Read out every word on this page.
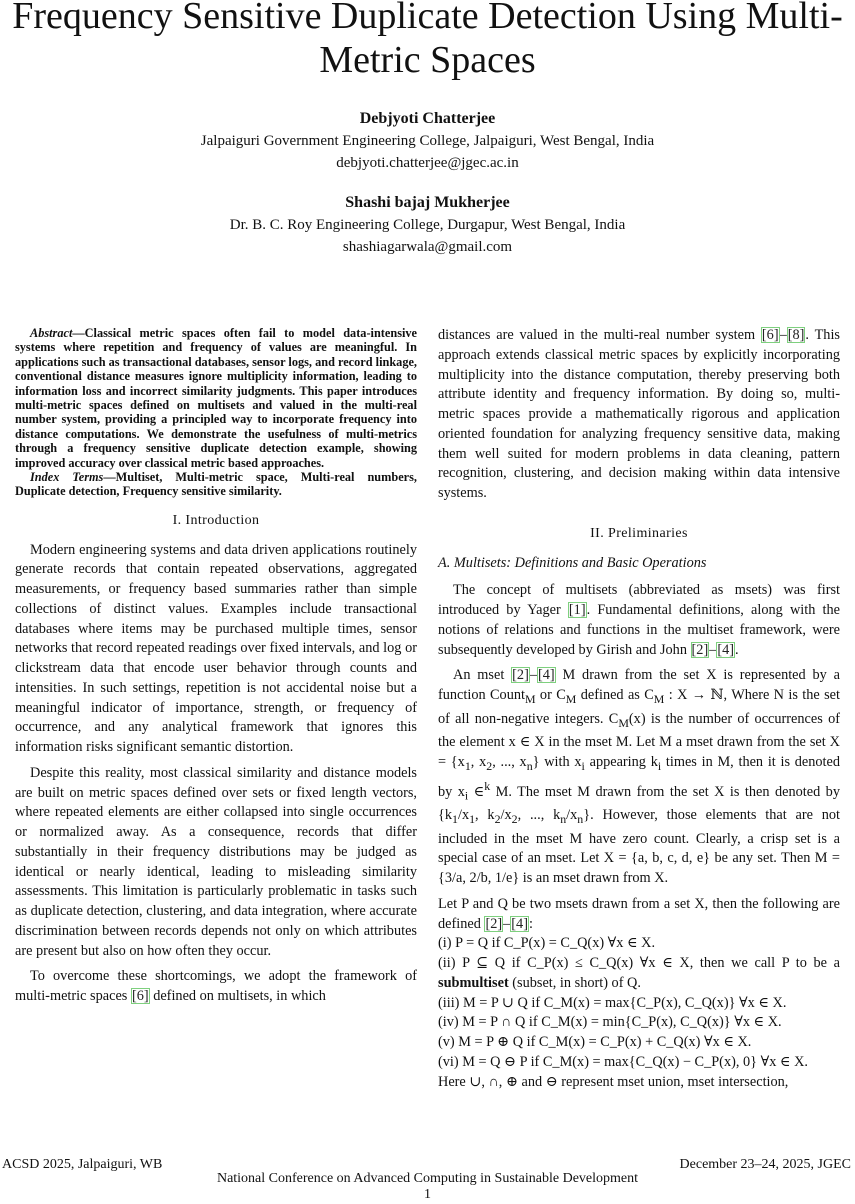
Frequency Sensitive Duplicate Detection Using Multi-Metric Spaces
Debjyoti Chatterjee
Jalpaiguri Government Engineering College, Jalpaiguri, West Bengal, India
debjyoti.chatterjee@jgec.ac.in
Shashi bajaj Mukherjee
Dr. B. C. Roy Engineering College, Durgapur, West Bengal, India
shashiagarwala@gmail.com

Abstract—Classical metric spaces often fail to model data-intensive systems where repetition and frequency of values are meaningful. In applications such as transactional databases, sensor logs, and record linkage, conventional distance measures ignore multiplicity information, leading to information loss and incorrect similarity judgments. This paper introduces multi-metric spaces defined on multisets and valued in the multi-real number system, providing a principled way to incorporate frequency into distance computations. We demonstrate the usefulness of multi-metrics through a frequency sensitive duplicate detection example, showing improved accuracy over classical metric based approaches.

Index Terms—Multiset, Multi-metric space, Multi-real numbers, Duplicate detection, Frequency sensitive similarity.

I. Introduction

Modern engineering systems and data driven applications routinely generate records that contain repeated observations, aggregated measurements, or frequency based summaries rather than simple collections of distinct values. Examples include transactional databases where items may be purchased multiple times, sensor networks that record repeated readings over fixed intervals, and log or clickstream data that encode user behavior through counts and intensities. In such settings, repetition is not accidental noise but a meaningful indicator of importance, strength, or frequency of occurrence, and any analytical framework that ignores this information risks significant semantic distortion.

Despite this reality, most classical similarity and distance models are built on metric spaces defined over sets or fixed length vectors, where repeated elements are either collapsed into single occurrences or normalized away. As a consequence, records that differ substantially in their frequency distributions may be judged as identical or nearly identical, leading to misleading similarity assessments. This limitation is particularly problematic in tasks such as duplicate detection, clustering, and data integration, where accurate discrimination between records depends not only on which attributes are present but also on how often they occur.

To overcome these shortcomings, we adopt the framework of multi-metric spaces [6] defined on multisets, in which

distances are valued in the multi-real number system [6]–[8]. This approach extends classical metric spaces by explicitly incorporating multiplicity into the distance computation, thereby preserving both attribute identity and frequency information. By doing so, multi-metric spaces provide a mathematically rigorous and application oriented foundation for analyzing frequency sensitive data, making them well suited for modern problems in data cleaning, pattern recognition, clustering, and decision making within data intensive systems.

II. Preliminaries
A. Multisets: Definitions and Basic Operations

The concept of multisets (abbreviated as msets) was first introduced by Yager [1]. Fundamental definitions, along with the notions of relations and functions in the multiset framework, were subsequently developed by Girish and John [2]–[4].

An mset [2]–[4] M drawn from the set X is represented by a function Count$_M$ or $C_M$ defined as $C_M$ : X → ℕ, Where N is the set of all non-negative integers. $C_M(x)$ is the number of occurrences of the element x ∈ X in the mset M. Let M a mset drawn from the set $X = \{x_1$, $x_2$, ..., $x_n$} with $x_i$ appearing $k_i$ times in M, then it is denoted by $x_i$ ∈$^k$ M. The mset M drawn from the set X is then denoted by {$k_1/x_1$, $k_2/x_2$, ..., $k_n/x_n$}. However, those elements that are not included in the mset M have zero count. Clearly, a crisp set is a special case of an mset. Let X = {a, b, c, d, e} be any set. Then M = {3/a, 2/b, 1/e} is an mset drawn from X.

Let P and Q be two msets drawn from a set X, then the following are defined [2]–[4]:
(i) P = Q if C_P(x) = C_Q(x) ∀x ∈ X.
(ii) P ⊆ Q if C_P(x) ≤ C_Q(x) ∀x ∈ X, then we call P to be a submultiset (subset, in short) of Q.
(iii) M = P ∪ Q if C_M(x) = max{C_P(x), C_Q(x)} ∀x ∈ X.
(iv) M = P ∩ Q if C_M(x) = min{C_P(x), C_Q(x)} ∀x ∈ X.
(v) M = P ⊕ Q if C_M(x) = C_P(x) + C_Q(x) ∀x ∈ X.
(vi) M = Q ⊖ P if C_M(x) = max{C_Q(x) − C_P(x), 0} ∀x ∈ X.
Here ∪, ∩, ⊕ and ⊖ represent mset union, mset intersection,
ACSD 2025, Jalpaiguri, WB	December 23–24, 2025, JGEC
National Conference on Advanced Computing in Sustainable Development
1
